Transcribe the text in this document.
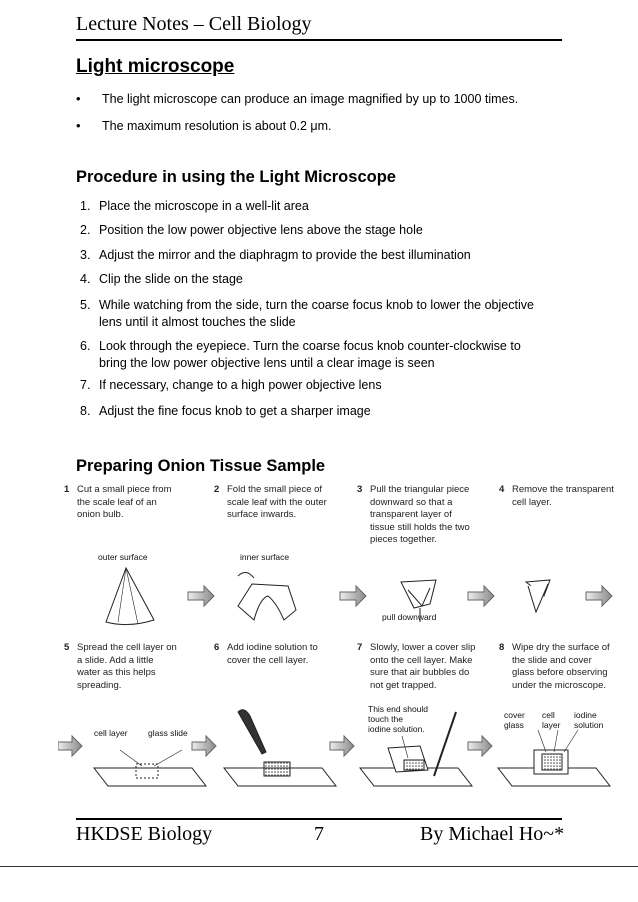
Lecture Notes – Cell Biology
Light microscope
• The light microscope can produce an image magnified by up to 1000 times.
• The maximum resolution is about 0.2 μm.
Procedure in using the Light Microscope
1. Place the microscope in a well-lit area
2. Position the low power objective lens above the stage hole
3. Adjust the mirror and the diaphragm to provide the best illumination
4. Clip the slide on the stage
5. While watching from the side, turn the coarse focus knob to lower the objective
lens until it almost touches the slide
6. Look through the eyepiece. Turn the coarse focus knob counter-clockwise to
bring the low power objective lens until a clear image is seen
7. If necessary, change to a high power objective lens
8. Adjust the fine focus knob to get a sharper image
Preparing Onion Tissue Sample
1 Cut a small piece from
the scale leaf of an
onion bulb.
2 Fold the small piece of
scale leaf with the outer
surface inwards.
3 Pull the triangular piece
downward so that a
transparent layer of
tissue still holds the two
pieces together.
4 Remove the transparent
cell layer.
5 Spread the cell layer on
a slide. Add a little
water as this helps
spreading.
6 Add iodine solution to
cover the cell layer.
7 Slowly, lower a cover slip
onto the cell layer. Make
sure that air bubbles do
not get trapped.
8 Wipe dry the surface of
the slide and cover
glass before observing
under the microscope.
outer surface	inner surface
pull downward
cell layer glass slide
This end should
touch the
iodine solution.
cover
glass
cell
layer
iodine
solution
HKDSE Biology	7	By Michael Ho~*
